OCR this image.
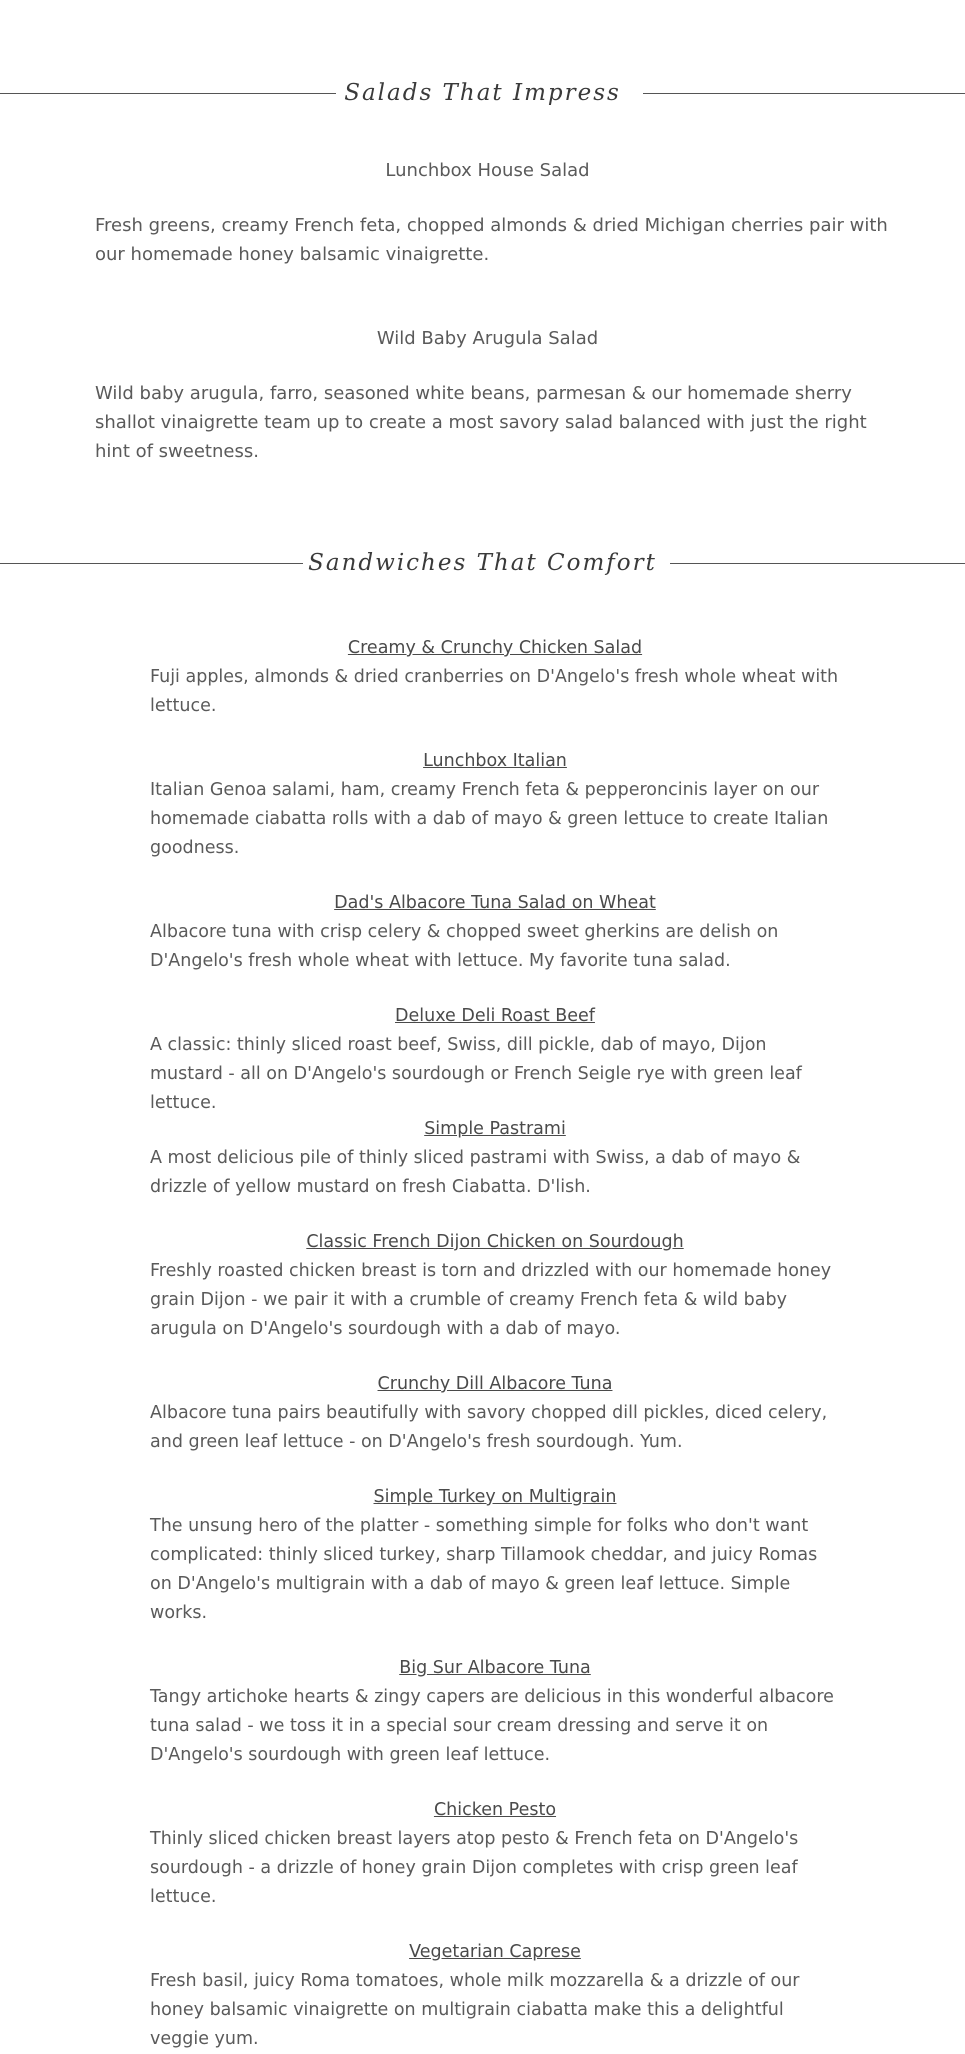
Salads That Impress
Lunchbox House Salad

Fresh greens, creamy French feta, chopped almonds & dried Michigan cherries pair with our homemade honey balsamic vinaigrette.

Wild Baby Arugula Salad

Wild baby arugula, farro, seasoned white beans, parmesan & our homemade sherry shallot vinaigrette team up to create a most savory salad balanced with just the right hint of sweetness.

Sandwiches That Comfort
Creamy & Crunchy Chicken Salad
Fuji apples, almonds & dried cranberries on D'Angelo's fresh whole wheat with lettuce.
Lunchbox Italian
Italian Genoa salami, ham, creamy French feta & pepperoncinis layer on our homemade ciabatta rolls with a dab of mayo & green lettuce to create Italian goodness.
Dad's Albacore Tuna Salad on Wheat
Albacore tuna with crisp celery & chopped sweet gherkins are delish on D'Angelo's fresh whole wheat with lettuce. My favorite tuna salad.
Deluxe Deli Roast Beef
A classic: thinly sliced roast beef, Swiss, dill pickle, dab of mayo, Dijon mustard - all on D'Angelo's sourdough or French Seigle rye with green leaf lettuce.
Simple Pastrami
A most delicious pile of thinly sliced pastrami with Swiss, a dab of mayo & drizzle of yellow mustard on fresh Ciabatta. D'lish.
Classic French Dijon Chicken on Sourdough
Freshly roasted chicken breast is torn and drizzled with our homemade honey grain Dijon - we pair it with a crumble of creamy French feta & wild baby arugula on D'Angelo's sourdough with a dab of mayo.
Crunchy Dill Albacore Tuna
Albacore tuna pairs beautifully with savory chopped dill pickles, diced celery, and green leaf lettuce - on D'Angelo's fresh sourdough. Yum.
Simple Turkey on Multigrain
The unsung hero of the platter - something simple for folks who don't want complicated: thinly sliced turkey, sharp Tillamook cheddar, and juicy Romas on D'Angelo's multigrain with a dab of mayo & green leaf lettuce. Simple works.
Big Sur Albacore Tuna
Tangy artichoke hearts & zingy capers are delicious in this wonderful albacore tuna salad - we toss it in a special sour cream dressing and serve it on D'Angelo's sourdough with green leaf lettuce.
Chicken Pesto
Thinly sliced chicken breast layers atop pesto & French feta on D'Angelo's sourdough - a drizzle of honey grain Dijon completes with crisp green leaf lettuce.
Vegetarian Caprese
Fresh basil, juicy Roma tomatoes, whole milk mozzarella & a drizzle of our honey balsamic vinaigrette on multigrain ciabatta make this a delightful veggie yum.
